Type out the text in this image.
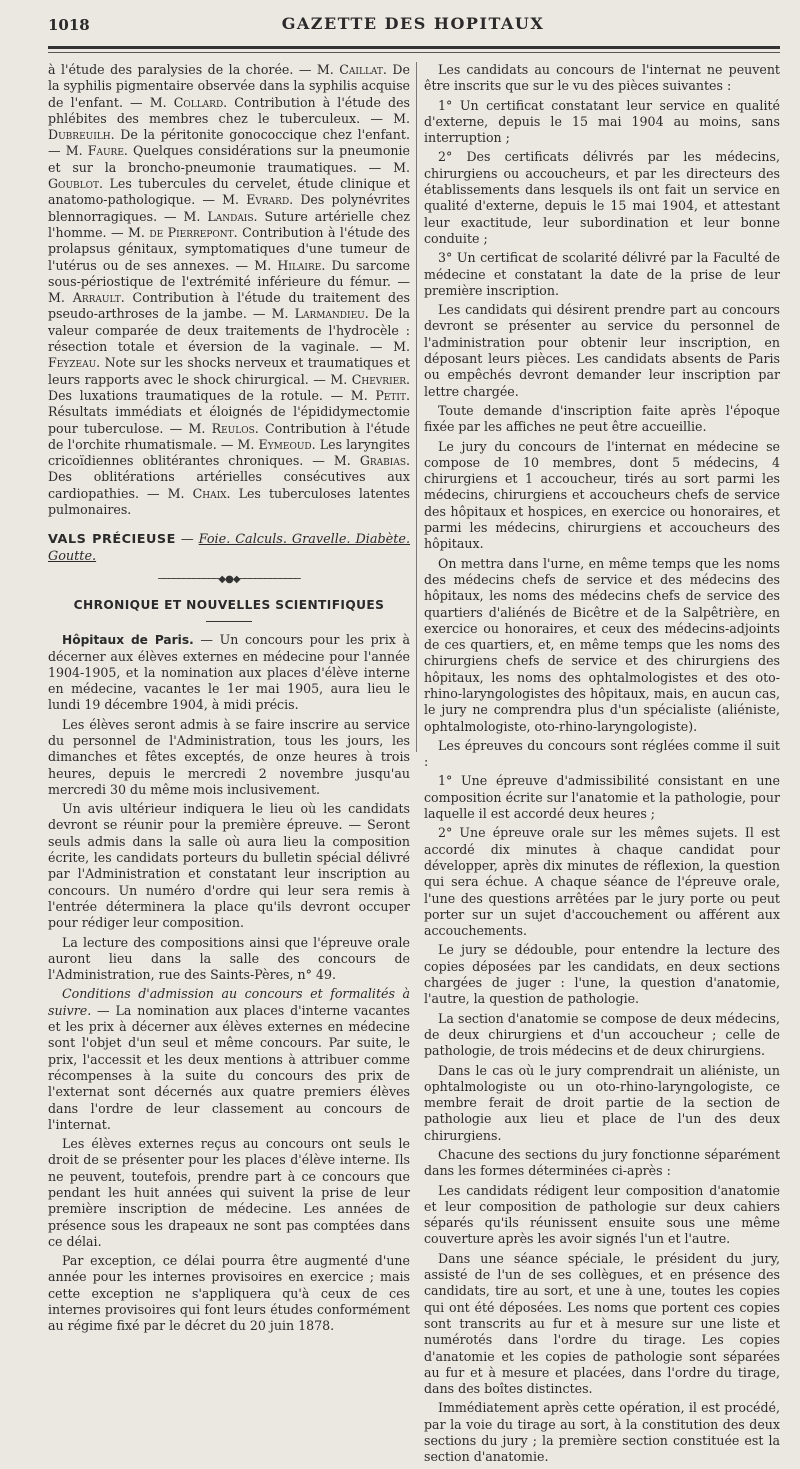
1018	GAZETTE DES HOPITAUX

à l'étude des paralysies de la chorée. — M. Caillat. De la syphilis pigmentaire observée dans la syphilis acquise de l'enfant. — M. Collard. Contribution à l'étude des phlébites des membres chez le tuberculeux. — M. Dubreuilh. De la péritonite gonococcique chez l'enfant. — M. Faure. Quelques considérations sur la pneumonie et sur la broncho-pneumonie traumatiques. — M. Goublot. Les tubercules du cervelet, étude clinique et anatomo-pathologique. — M. Evrard. Des polynévrites blennorragiques. — M. Landais. Suture artérielle chez l'homme. — M. de Pierrepont. Contribution à l'étude des prolapsus génitaux, symptomatiques d'une tumeur de l'utérus ou de ses annexes. — M. Hilaire. Du sarcome sous-périostique de l'extrémité inférieure du fémur. — M. Arrault. Contribution à l'étude du traitement des pseudo-arthroses de la jambe. — M. Larmandieu. De la valeur comparée de deux traitements de l'hydrocèle : résection totale et éversion de la vaginale. — M. Feyzeau. Note sur les shocks nerveux et traumatiques et leurs rapports avec le shock chirurgical. — M. Chevrier. Des luxations traumatiques de la rotule. — M. Petit. Résultats immédiats et éloignés de l'épididymectomie pour tuberculose. — M. Reulos. Contribution à l'étude de l'orchite rhumatismale. — M. Eymeoud. Les laryngites cricoïdiennes oblitérantes chroniques. — M. Grabias. Des oblitérations artérielles consécutives aux cardiopathies. — M. Chaix. Les tuberculoses latentes pulmonaires.

VALS PRÉCIEUSE — Foie. Calculs. Gravelle. Diabète. Goutte.

────────────◆●◆────────────
CHRONIQUE ET NOUVELLES SCIENTIFIQUES

Hôpitaux de Paris. — Un concours pour les prix à décerner aux élèves externes en médecine pour l'année 1904-1905, et la nomination aux places d'élève interne en médecine, vacantes le 1er mai 1905, aura lieu le lundi 19 décembre 1904, à midi précis.

Les élèves seront admis à se faire inscrire au service du personnel de l'Administration, tous les jours, les dimanches et fêtes exceptés, de onze heures à trois heures, depuis le mercredi 2 novembre jusqu'au mercredi 30 du même mois inclusivement.

Un avis ultérieur indiquera le lieu où les candidats devront se réunir pour la première épreuve. — Seront seuls admis dans la salle où aura lieu la composition écrite, les candidats porteurs du bulletin spécial délivré par l'Administration et constatant leur inscription au concours. Un numéro d'ordre qui leur sera remis à l'entrée déterminera la place qu'ils devront occuper pour rédiger leur composition.

La lecture des compositions ainsi que l'épreuve orale auront lieu dans la salle des concours de l'Administration, rue des Saints-Pères, n° 49.

Conditions d'admission au concours et formalités à suivre. — La nomination aux places d'interne vacantes et les prix à décerner aux élèves externes en médecine sont l'objet d'un seul et même concours. Par suite, le prix, l'accessit et les deux mentions à attribuer comme récompenses à la suite du concours des prix de l'externat sont décernés aux quatre premiers élèves dans l'ordre de leur classement au concours de l'internat.

Les élèves externes reçus au concours ont seuls le droit de se présenter pour les places d'élève interne. Ils ne peuvent, toutefois, prendre part à ce concours que pendant les huit années qui suivent la prise de leur première inscription de médecine. Les années de présence sous les drapeaux ne sont pas comptées dans ce délai.

Par exception, ce délai pourra être augmenté d'une année pour les internes provisoires en exercice ; mais cette exception ne s'appliquera qu'à ceux de ces internes provisoires qui font leurs études conformément au régime fixé par le décret du 20 juin 1878.

Les candidats au concours de l'internat ne peuvent être inscrits que sur le vu des pièces suivantes :

1° Un certificat constatant leur service en qualité d'externe, depuis le 15 mai 1904 au moins, sans interruption ;

2° Des certificats délivrés par les médecins, chirurgiens ou accoucheurs, et par les directeurs des établissements dans lesquels ils ont fait un service en qualité d'externe, depuis le 15 mai 1904, et attestant leur exactitude, leur subordination et leur bonne conduite ;

3° Un certificat de scolarité délivré par la Faculté de médecine et constatant la date de la prise de leur première inscription.

Les candidats qui désirent prendre part au concours devront se présenter au service du personnel de l'administration pour obtenir leur inscription, en déposant leurs pièces. Les candidats absents de Paris ou empêchés devront demander leur inscription par lettre chargée.

Toute demande d'inscription faite après l'époque fixée par les affiches ne peut être accueillie.

Le jury du concours de l'internat en médecine se compose de 10 membres, dont 5 médecins, 4 chirurgiens et 1 accoucheur, tirés au sort parmi les médecins, chirurgiens et accoucheurs chefs de service des hôpitaux et hospices, en exercice ou honoraires, et parmi les médecins, chirurgiens et accoucheurs des hôpitaux.

On mettra dans l'urne, en même temps que les noms des médecins chefs de service et des médecins des hôpitaux, les noms des médecins chefs de service des quartiers d'aliénés de Bicêtre et de la Salpêtrière, en exercice ou honoraires, et ceux des médecins-adjoints de ces quartiers, et, en même temps que les noms des chirurgiens chefs de service et des chirurgiens des hôpitaux, les noms des ophtalmologistes et des oto-rhino-laryngologistes des hôpitaux, mais, en aucun cas, le jury ne comprendra plus d'un spécialiste (aliéniste, ophtalmologiste, oto-rhino-laryngologiste).

Les épreuves du concours sont réglées comme il suit :

1° Une épreuve d'admissibilité consistant en une composition écrite sur l'anatomie et la pathologie, pour laquelle il est accordé deux heures ;

2° Une épreuve orale sur les mêmes sujets. Il est accordé dix minutes à chaque candidat pour développer, après dix minutes de réflexion, la question qui sera échue. A chaque séance de l'épreuve orale, l'une des questions arrêtées par le jury porte ou peut porter sur un sujet d'accouchement ou afférent aux accouchements.

Le jury se dédouble, pour entendre la lecture des copies déposées par les candidats, en deux sections chargées de juger : l'une, la question d'anatomie, l'autre, la question de pathologie.

La section d'anatomie se compose de deux médecins, de deux chirurgiens et d'un accoucheur ; celle de pathologie, de trois médecins et de deux chirurgiens.

Dans le cas où le jury comprendrait un aliéniste, un ophtalmologiste ou un oto-rhino-laryngologiste, ce membre ferait de droit partie de la section de pathologie aux lieu et place de l'un des deux chirurgiens.

Chacune des sections du jury fonctionne séparément dans les formes déterminées ci-après :

Les candidats rédigent leur composition d'anatomie et leur composition de pathologie sur deux cahiers séparés qu'ils réunissent ensuite sous une même couverture après les avoir signés l'un et l'autre.

Dans une séance spéciale, le président du jury, assisté de l'un de ses collègues, et en présence des candidats, tire au sort, et une à une, toutes les copies qui ont été déposées. Les noms que portent ces copies sont transcrits au fur et à mesure sur une liste et numérotés dans l'ordre du tirage. Les copies d'anatomie et les copies de pathologie sont séparées au fur et à mesure et placées, dans l'ordre du tirage, dans des boîtes distinctes.

Immédiatement après cette opération, il est procédé, par la voie du tirage au sort, à la constitution des deux sections du jury ; la première section constituée est la section d'anatomie.
